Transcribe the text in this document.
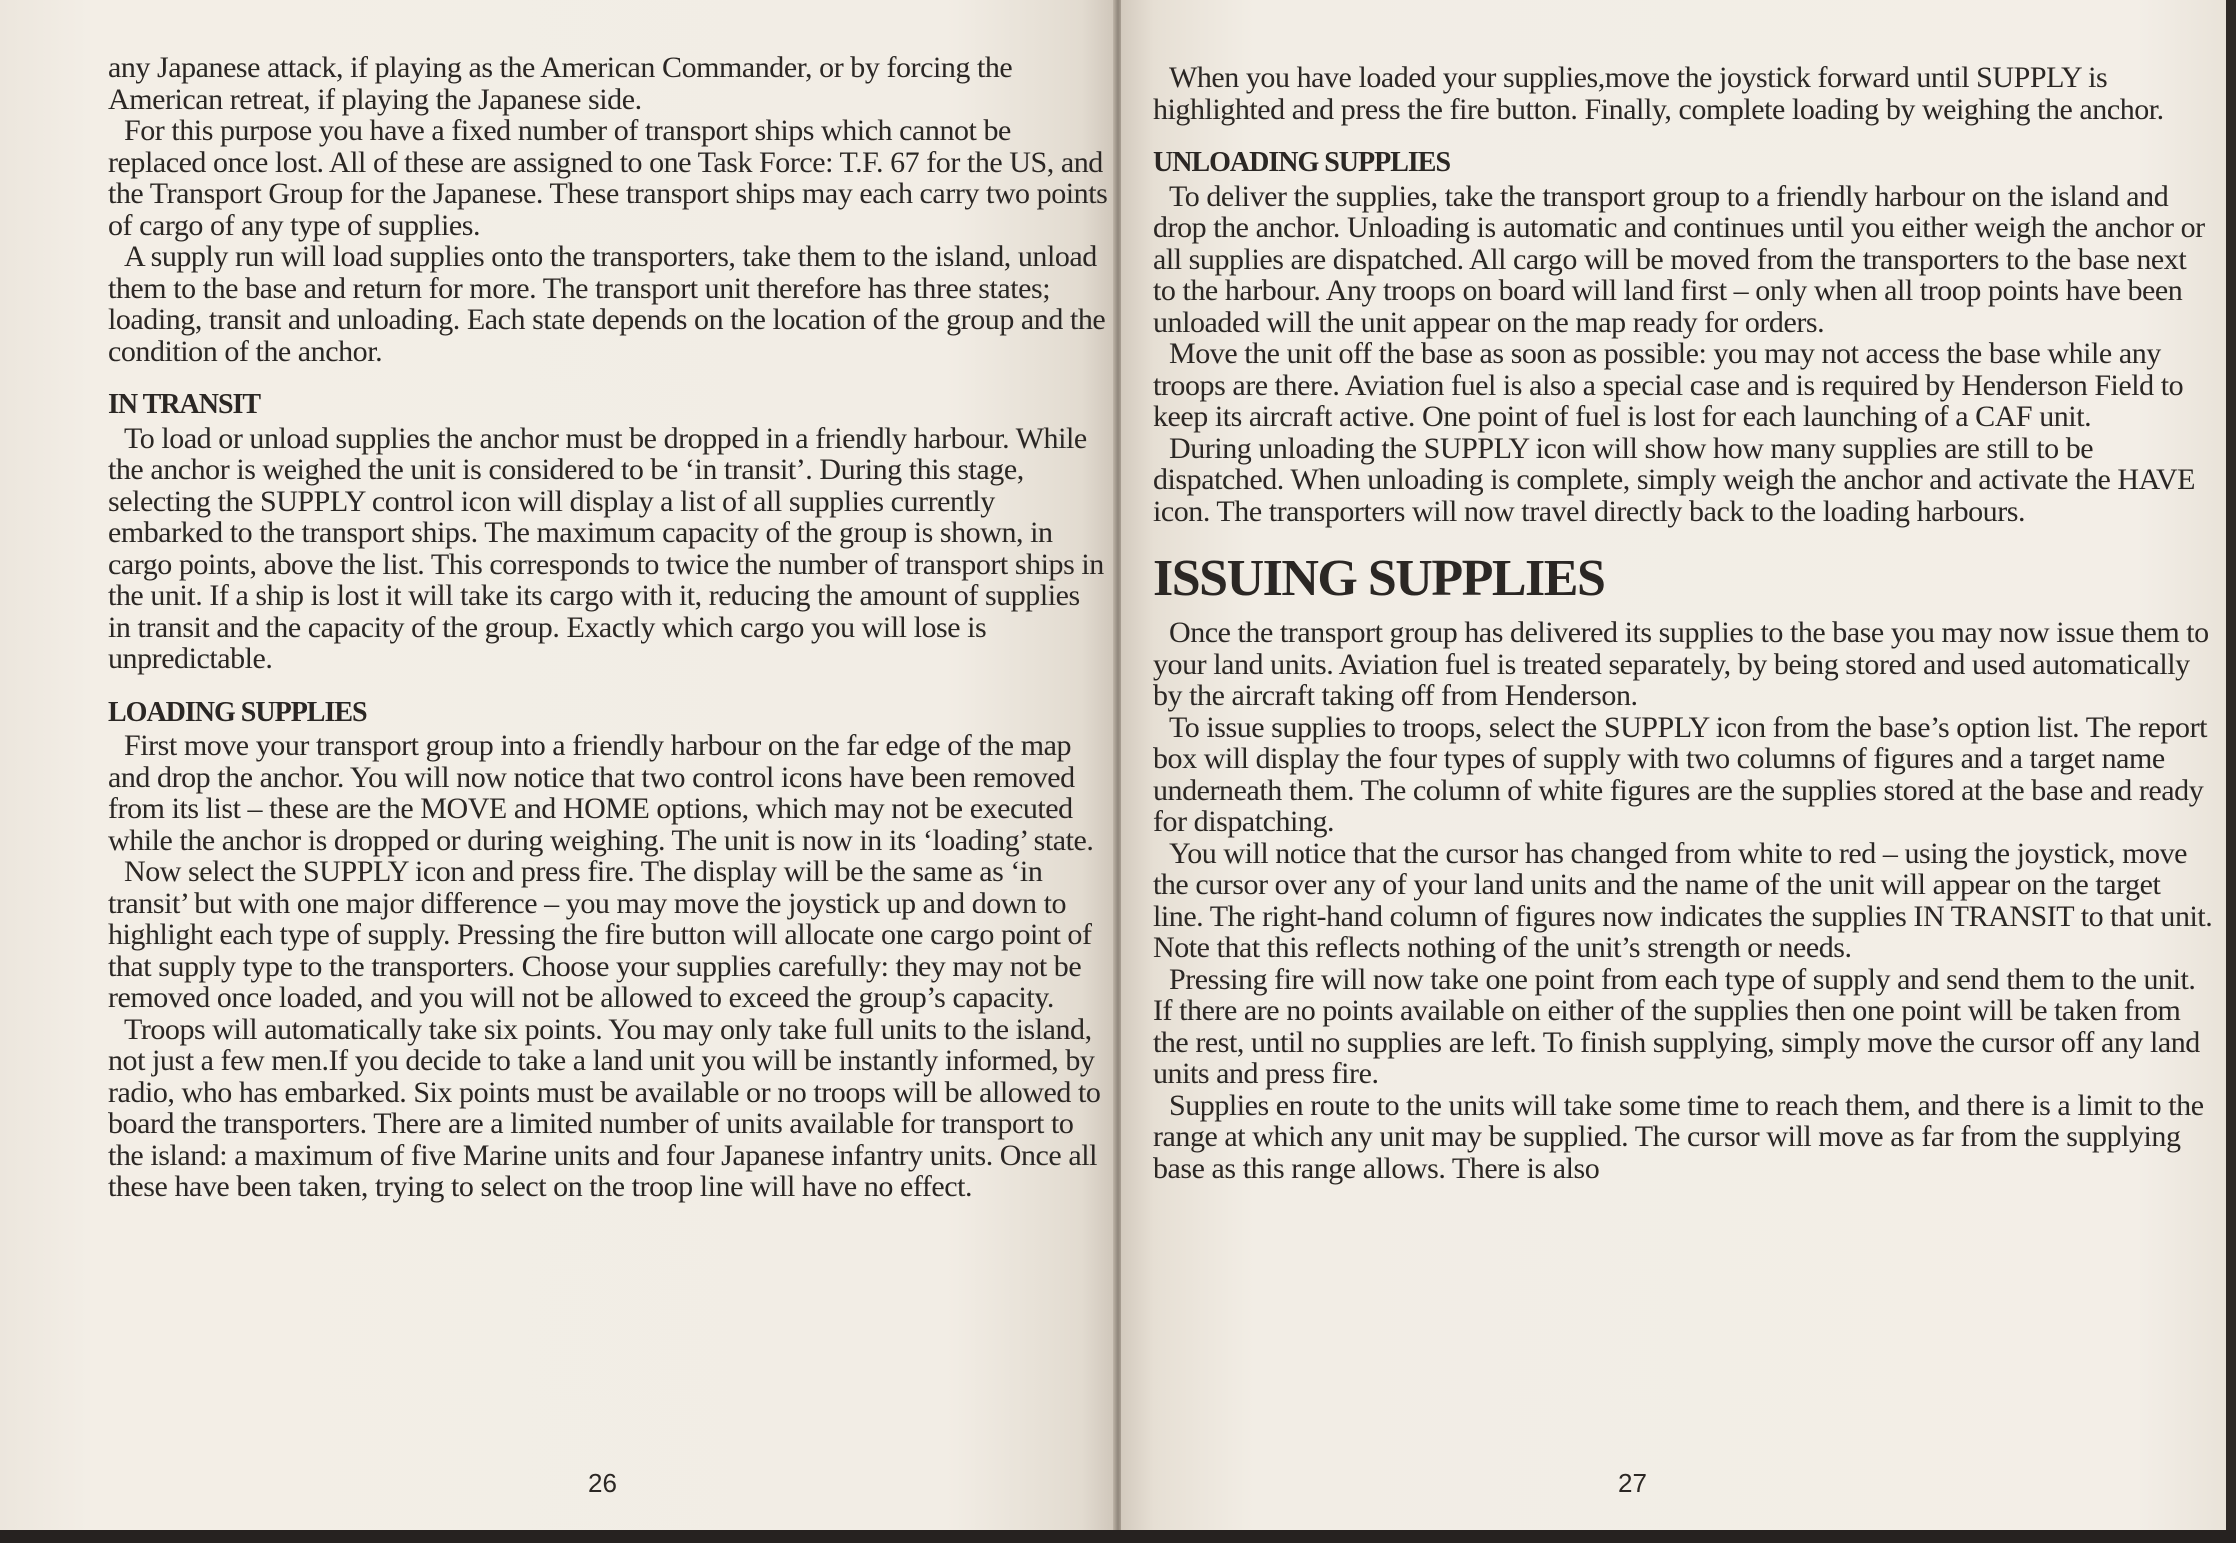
any Japanese attack, if playing as the American Commander, or by forcing the American retreat, if playing the Japanese side.

For this purpose you have a fixed number of transport ships which cannot be replaced once lost. All of these are assigned to one Task Force: T.F. 67 for the US, and the Transport Group for the Japanese. These transport ships may each carry two points of cargo of any type of supplies.

A supply run will load supplies onto the transporters, take them to the island, unload them to the base and return for more. The transport unit therefore has three states; loading, transit and unloading. Each state depends on the location of the group and the condition of the anchor.

IN TRANSIT

To load or unload supplies the anchor must be dropped in a friendly harbour. While the anchor is weighed the unit is considered to be ‘in transit’. During this stage, selecting the SUPPLY control icon will display a list of all supplies currently embarked to the transport ships. The maximum capacity of the group is shown, in cargo points, above the list. This corresponds to twice the number of transport ships in the unit. If a ship is lost it will take its cargo with it, reducing the amount of supplies in transit and the capacity of the group. Exactly which cargo you will lose is unpredictable.

LOADING SUPPLIES

First move your transport group into a friendly harbour on the far edge of the map and drop the anchor. You will now notice that two control icons have been removed from its list – these are the MOVE and HOME options, which may not be executed while the anchor is dropped or during weighing. The unit is now in its ‘loading’ state.

Now select the SUPPLY icon and press fire. The display will be the same as ‘in transit’ but with one major difference – you may move the joystick up and down to highlight each type of supply. Pressing the fire button will allocate one cargo point of that supply type to the transporters. Choose your supplies carefully: they may not be removed once loaded, and you will not be allowed to exceed the group’s capacity.

Troops will automatically take six points. You may only take full units to the island, not just a few men.If you decide to take a land unit you will be instantly informed, by radio, who has embarked. Six points must be available or no troops will be allowed to board the transporters. There are a limited number of units available for transport to the island: a maximum of five Marine units and four Japanese infantry units. Once all these have been taken, trying to select on the troop line will have no effect.

26

When you have loaded your supplies,move the joystick forward until SUPPLY is highlighted and press the fire button. Finally, complete loading by weighing the anchor.

UNLOADING SUPPLIES

To deliver the supplies, take the transport group to a friendly harbour on the island and drop the anchor. Unloading is automatic and continues until you either weigh the anchor or all supplies are dispatched. All cargo will be moved from the transporters to the base next to the harbour. Any troops on board will land first – only when all troop points have been unloaded will the unit appear on the map ready for orders.

Move the unit off the base as soon as possible: you may not access the base while any troops are there. Aviation fuel is also a special case and is required by Henderson Field to keep its aircraft active. One point of fuel is lost for each launching of a CAF unit.

During unloading the SUPPLY icon will show how many supplies are still to be dispatched. When unloading is complete, simply weigh the anchor and activate the HAVE icon. The transporters will now travel directly back to the loading harbours.

ISSUING SUPPLIES

Once the transport group has delivered its supplies to the base you may now issue them to your land units. Aviation fuel is treated separately, by being stored and used automatically by the aircraft taking off from Henderson.

To issue supplies to troops, select the SUPPLY icon from the base’s option list. The report box will display the four types of supply with two columns of figures and a target name underneath them. The column of white figures are the supplies stored at the base and ready for dispatching.

You will notice that the cursor has changed from white to red – using the joystick, move the cursor over any of your land units and the name of the unit will appear on the target line. The right-hand column of figures now indicates the supplies IN TRANSIT to that unit. Note that this reflects nothing of the unit’s strength or needs.

Pressing fire will now take one point from each type of supply and send them to the unit. If there are no points available on either of the supplies then one point will be taken from the rest, until no supplies are left. To finish supplying, simply move the cursor off any land units and press fire.

Supplies en route to the units will take some time to reach them, and there is a limit to the range at which any unit may be supplied. The cursor will move as far from the supplying base as this range allows. There is also

27
